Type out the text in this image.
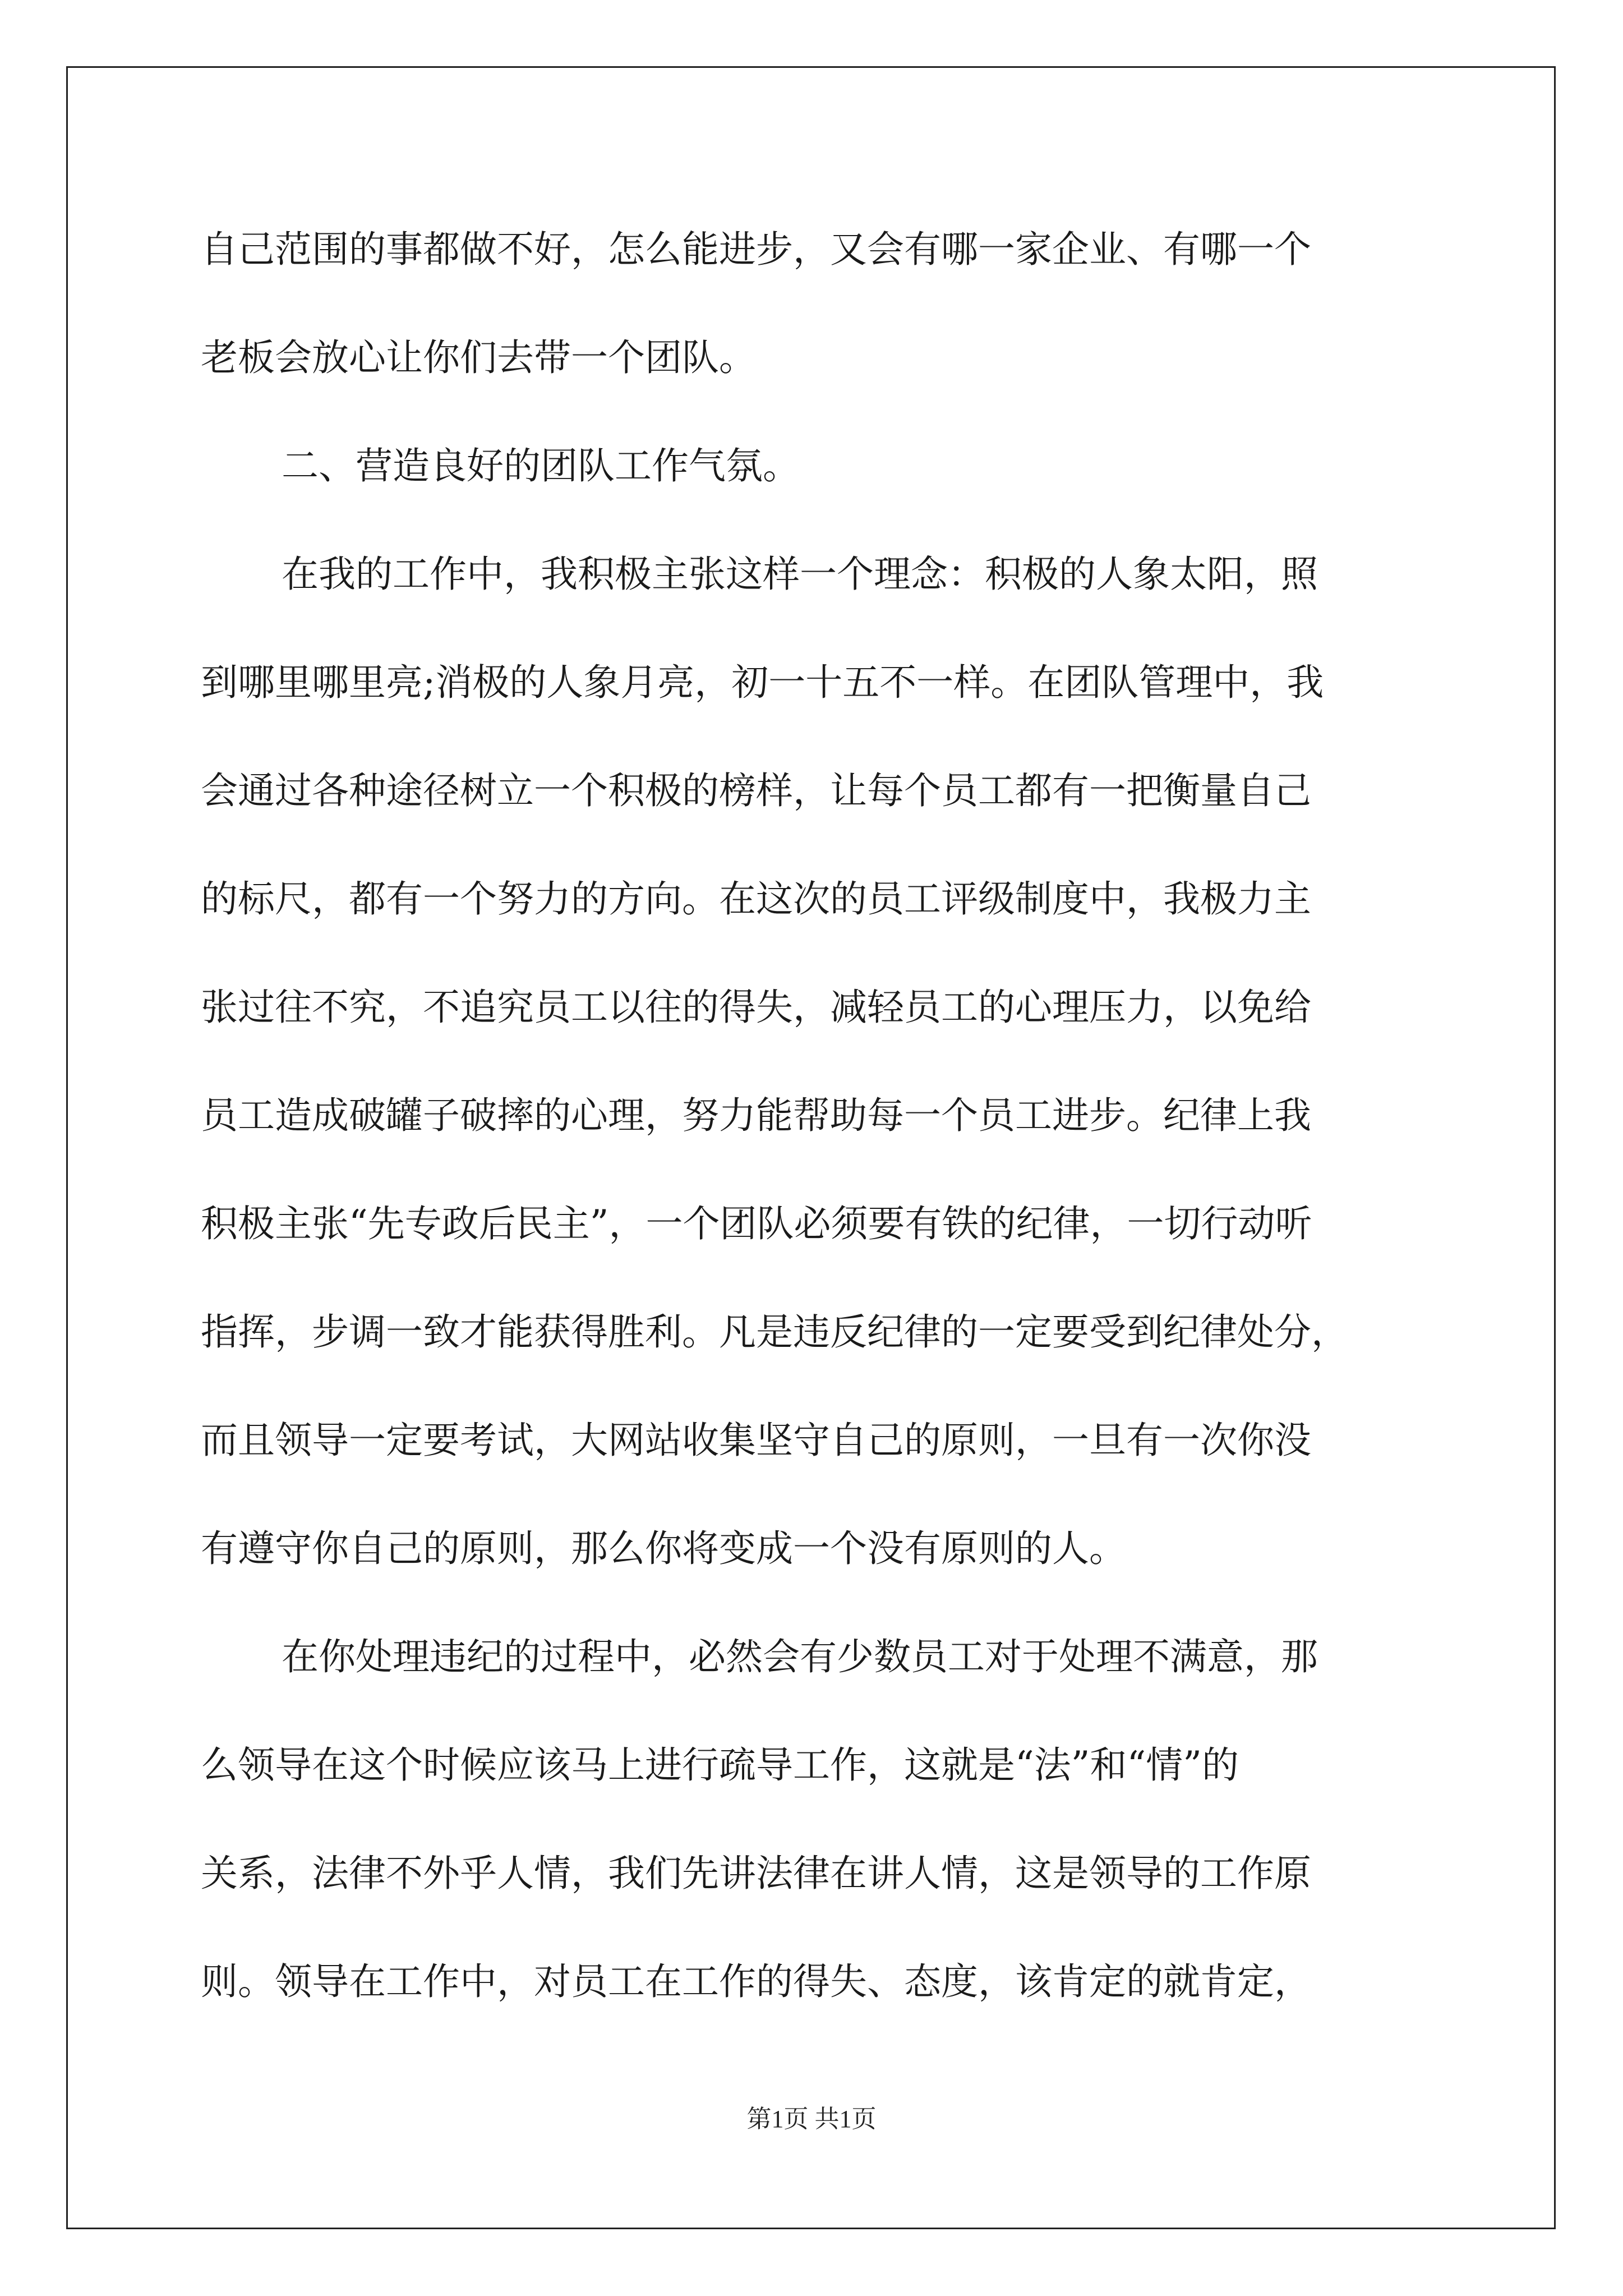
自己范围的事都做不好，怎么能进步，又会有哪一家企业、有哪一个
老板会放心让你们去带一个团队。
二、营造良好的团队工作气氛。
在我的工作中，我积极主张这样一个理念：积极的人象太阳，照
到哪里哪里亮;消极的人象月亮，初一十五不一样。在团队管理中，我
会通过各种途径树立一个积极的榜样，让每个员工都有一把衡量自己
的标尺，都有一个努力的方向。在这次的员工评级制度中，我极力主
张过往不究，不追究员工以往的得失，减轻员工的心理压力，以免给
员工造成破罐子破摔的心理，努力能帮助每一个员工进步。纪律上我
积极主张“先专政后民主”，一个团队必须要有铁的纪律，一切行动听
指挥，步调一致才能获得胜利。凡是违反纪律的一定要受到纪律处分，
而且领导一定要考试，大网站收集坚守自己的原则，一旦有一次你没
有遵守你自己的原则，那么你将变成一个没有原则的人。
在你处理违纪的过程中，必然会有少数员工对于处理不满意，那
么领导在这个时候应该马上进行疏导工作，这就是“法”和“情”的
关系，法律不外乎人情，我们先讲法律在讲人情，这是领导的工作原
则。领导在工作中，对员工在工作的得失、态度，该肯定的就肯定，
第1页 共1页
